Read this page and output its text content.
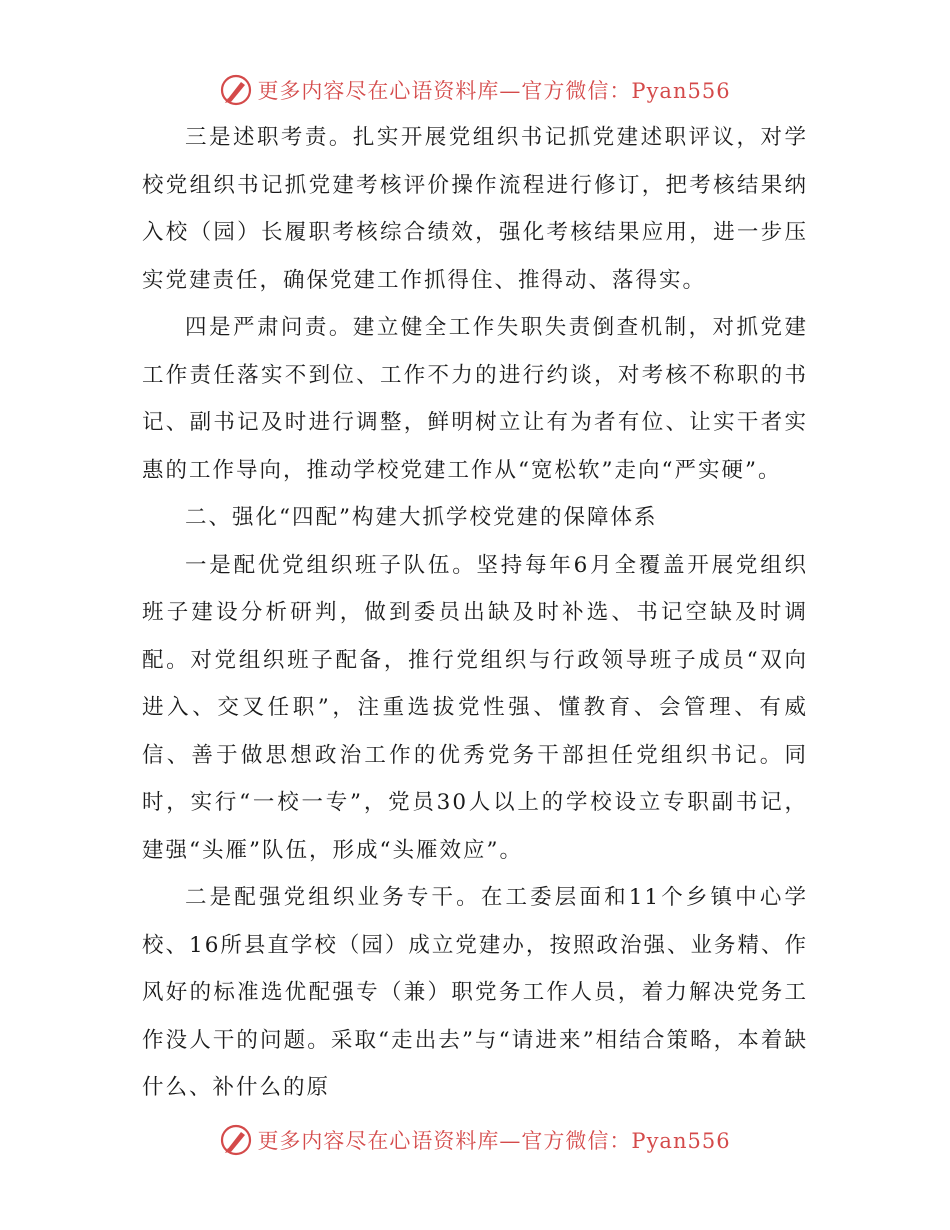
更多内容尽在心语资料库—官方微信：Pyan556

三是述职考责。扎实开展党组织书记抓党建述职评议，对学校党组织书记抓党建考核评价操作流程进行修订，把考核结果纳入校（园）长履职考核综合绩效，强化考核结果应用，进一步压实党建责任，确保党建工作抓得住、推得动、落得实。

四是严肃问责。建立健全工作失职失责倒查机制，对抓党建工作责任落实不到位、工作不力的进行约谈，对考核不称职的书记、副书记及时进行调整，鲜明树立让有为者有位、让实干者实惠的工作导向，推动学校党建工作从“宽松软”走向“严实硬”。

二、强化“四配”构建大抓学校党建的保障体系

一是配优党组织班子队伍。坚持每年6月全覆盖开展党组织班子建设分析研判，做到委员出缺及时补选、书记空缺及时调配。对党组织班子配备，推行党组织与行政领导班子成员“双向进入、交叉任职”，注重选拔党性强、懂教育、会管理、有威信、善于做思想政治工作的优秀党务干部担任党组织书记。同时，实行“一校一专”，党员30人以上的学校设立专职副书记，建强“头雁”队伍，形成“头雁效应”。

二是配强党组织业务专干。在工委层面和11个乡镇中心学校、16所县直学校（园）成立党建办，按照政治强、业务精、作风好的标准选优配强专（兼）职党务工作人员，着力解决党务工作没人干的问题。采取“走出去”与“请进来”相结合策略，本着缺什么、补什么的原

更多内容尽在心语资料库—官方微信：Pyan556
